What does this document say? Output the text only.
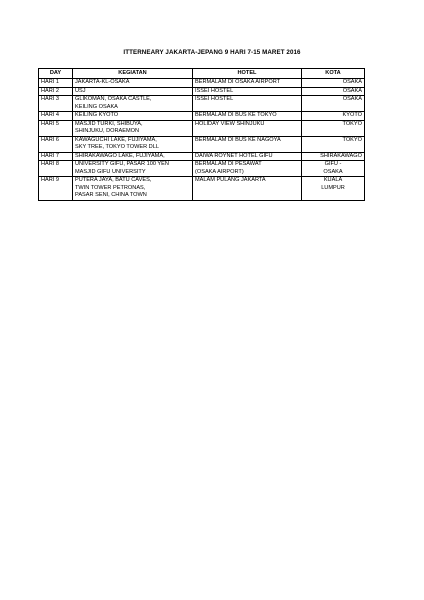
ITTERNEARY JAKARTA-JEPANG 9 HARI 7-15 MARET 2016
DAY	KEGIATAN	HOTEL	KOTA
HARI 1	JAKARTA-KL-OSAKA	BERMALAM DI OSAKA AIRPORT	OSAKA

HARI 2	USJ	ISSEI HOSTEL	OSAKA

HARI 3	GLIKOMAN, OSAKA CASTLE,
KEILING OSAKA	ISSEI HOSTEL	OSAKA

HARI 4	KEILING KYOTO	BERMALAM DI BUS KE TOKYO	KYOTO

HARI 5	MASJID TURKI, SHIBUYA,
SHINJUKU, DORAEMON	HOLIDAY VIEW SHINJUKU	TOKYO

HARI 6	KAWAGUCHI LAKE, FUJIYAMA,
SKY TREE, TOKYO TOWER DLL	BERMALAM DI BUS KE NAGOYA	TOKYO

HARI 7	SHIRAKAWAGO LAKE, FUJIYAMA,	DAIWA ROYNET HOTEL GIFU	SHIRAKAWAGO

HARI 8	UNIVERSITY GIFU, PASAR 100 YEN
MASJID GIFU UNIVERSITY	BERMALAM DI PESAWAT
(OSAKA AIRPORT)	GIFU -
OSAKA

HARI 9	PUTERA JAYA, BATU CAVES,
TWIN TOWER PETRONAS,
PASAR SENI, CHINA TOWN	MALAM PULANG JAKARTA	KUALA
LUMPUR
